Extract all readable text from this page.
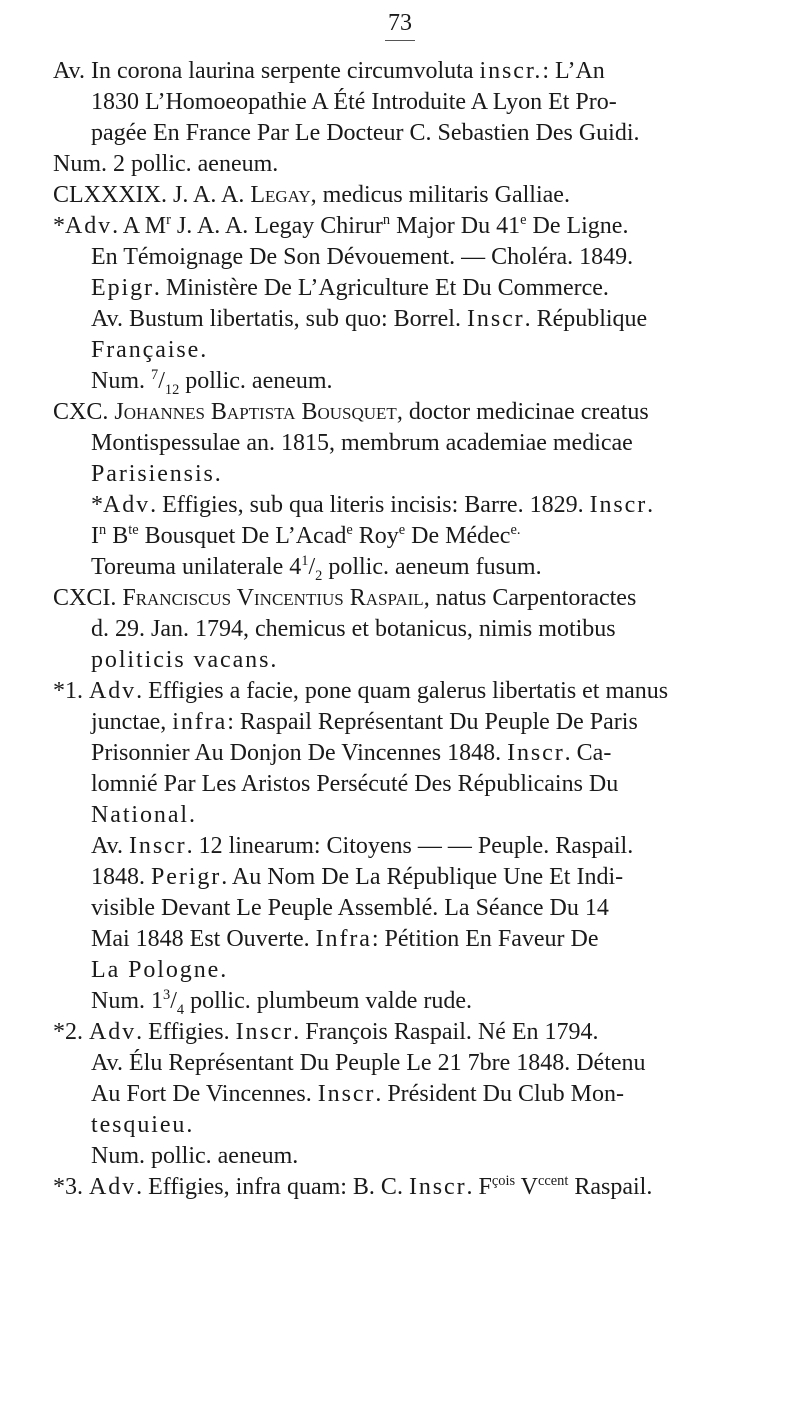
73
Av. In corona laurina serpente circumvoluta inscr.: L’An
1830 L’Homoeopathie A Été Introduite A Lyon Et Pro-
pagée En France Par Le Docteur C. Sebastien Des Guidi.
Num. 2 pollic. aeneum.
CLXXXIX. J. A. A. Legay, medicus militaris Galliae.
*Adv. A $M^r$ J. A. A. Legay Chirur$^n$ Major Du 41e De Ligne.
En Témoignage De Son Dévouement. — Choléra. 1849.
Epigr. Ministère De L’Agriculture Et Du Commerce.
Av. Bustum libertatis, sub quo: Borrel. Inscr. République
Française.
Num. $^7/_{12}$ pollic. aeneum.
CXC. Johannes Baptista Bousquet, doctor medicinae creatus
Montispessulae an. 1815, membrum academiae medicae
Parisiensis.
*Adv. Effigies, sub qua literis incisis: Barre. 1829. Inscr.
$I^n$ $B^{te}$ Bousquet De L’Acad$^e$ Roy$^e$ De Médec$^{e.}$
Toreuma unilaterale $4^1/_2$ pollic. aeneum fusum.
CXCI. Franciscus Vincentius Raspail, natus Carpentoractes
d. 29. Jan. 1794, chemicus et botanicus, nimis motibus
politicis vacans.
*1. Adv. Effigies a facie, pone quam galerus libertatis et manus
junctae, infra: Raspail Représentant Du Peuple De Paris
Prisonnier Au Donjon De Vincennes 1848. Inscr. Ca-
lomnié Par Les Aristos Persécuté Des Républicains Du
National.
Av. Inscr. 12 linearum: Citoyens — — Peuple. Raspail.
1848. Perigr. Au Nom De La République Une Et Indi-
visible Devant Le Peuple Assemblé. La Séance Du 14
Mai 1848 Est Ouverte. Infra: Pétition En Faveur De
La Pologne.
Num. $1^3/_4$ pollic. plumbeum valde rude.
*2. Adv. Effigies. Inscr. François Raspail. Né En 1794.
Av. Élu Représentant Du Peuple Le 21 7bre 1848. Détenu
Au Fort De Vincennes. Inscr. Président Du Club Mon-
tesquieu.
Num. pollic. aeneum.
*3. Adv. Effigies, infra quam: B. C. Inscr. $F^{çois}$ $V^{ccent}$ Raspail.
